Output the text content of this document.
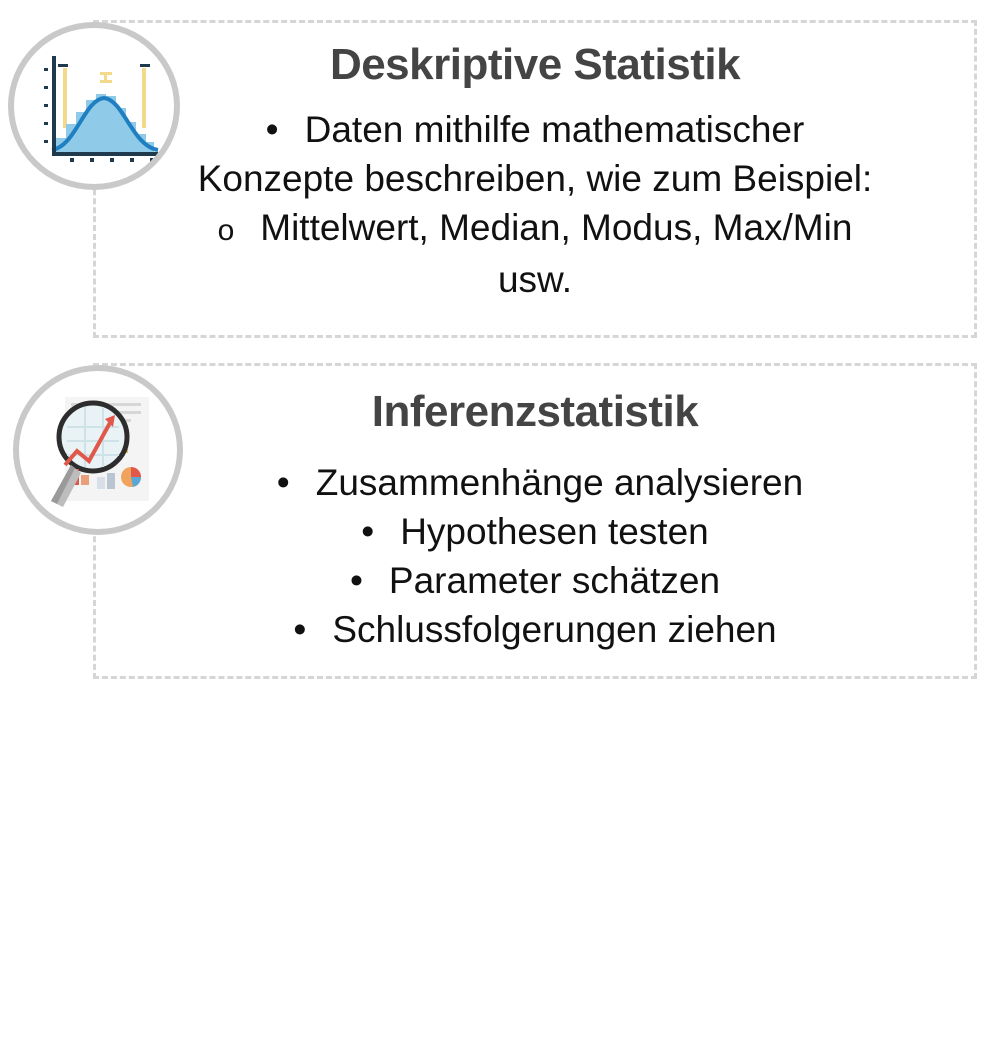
Deskriptive Statistik
• Daten mithilfe mathematischer
Konzepte beschreiben, wie zum Beispiel:
o Mittelwert, Median, Modus, Max/Min
usw.
Inferenzstatistik
• Zusammenhänge analysieren
• Hypothesen testen
• Parameter schätzen
• Schlussfolgerungen ziehen
